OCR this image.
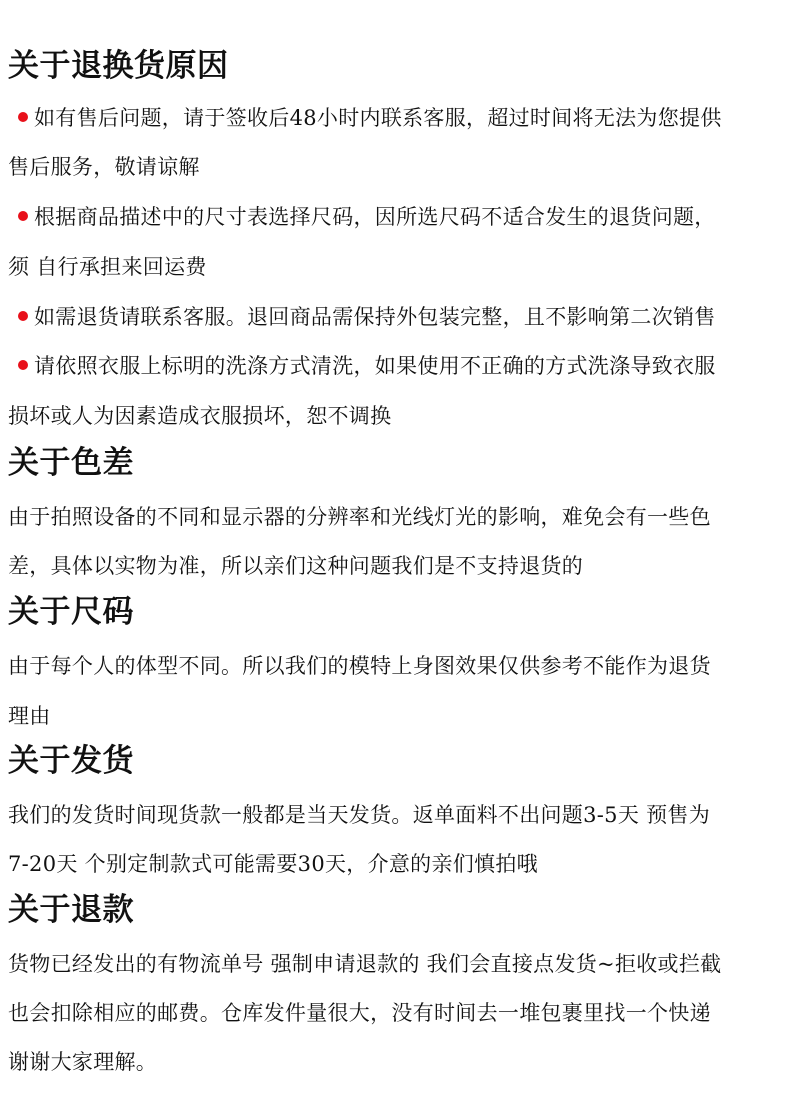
关于退换货原因

如有售后问题，请于签收后48小时内联系客服，超过时间将无法为您提供

售后服务，敬请谅解

根据商品描述中的尺寸表选择尺码，因所选尺码不适合发生的退货问题，

须 自行承担来回运费

如需退货请联系客服。退回商品需保持外包装完整，且不影响第二次销售

请依照衣服上标明的洗涤方式清洗，如果使用不正确的方式洗涤导致衣服

损坏或人为因素造成衣服损坏，恕不调换

关于色差

由于拍照设备的不同和显示器的分辨率和光线灯光的影响，难免会有一些色

差，具体以实物为准，所以亲们这种问题我们是不支持退货的

关于尺码

由于每个人的体型不同。所以我们的模特上身图效果仅供参考不能作为退货

理由

关于发货

我们的发货时间现货款一般都是当天发货。返单面料不出问题3-5天 预售为

7-20天 个别定制款式可能需要30天，介意的亲们慎拍哦

关于退款

货物已经发出的有物流单号 强制申请退款的 我们会直接点发货~拒收或拦截

也会扣除相应的邮费。仓库发件量很大，没有时间去一堆包裹里找一个快递

谢谢大家理解。
